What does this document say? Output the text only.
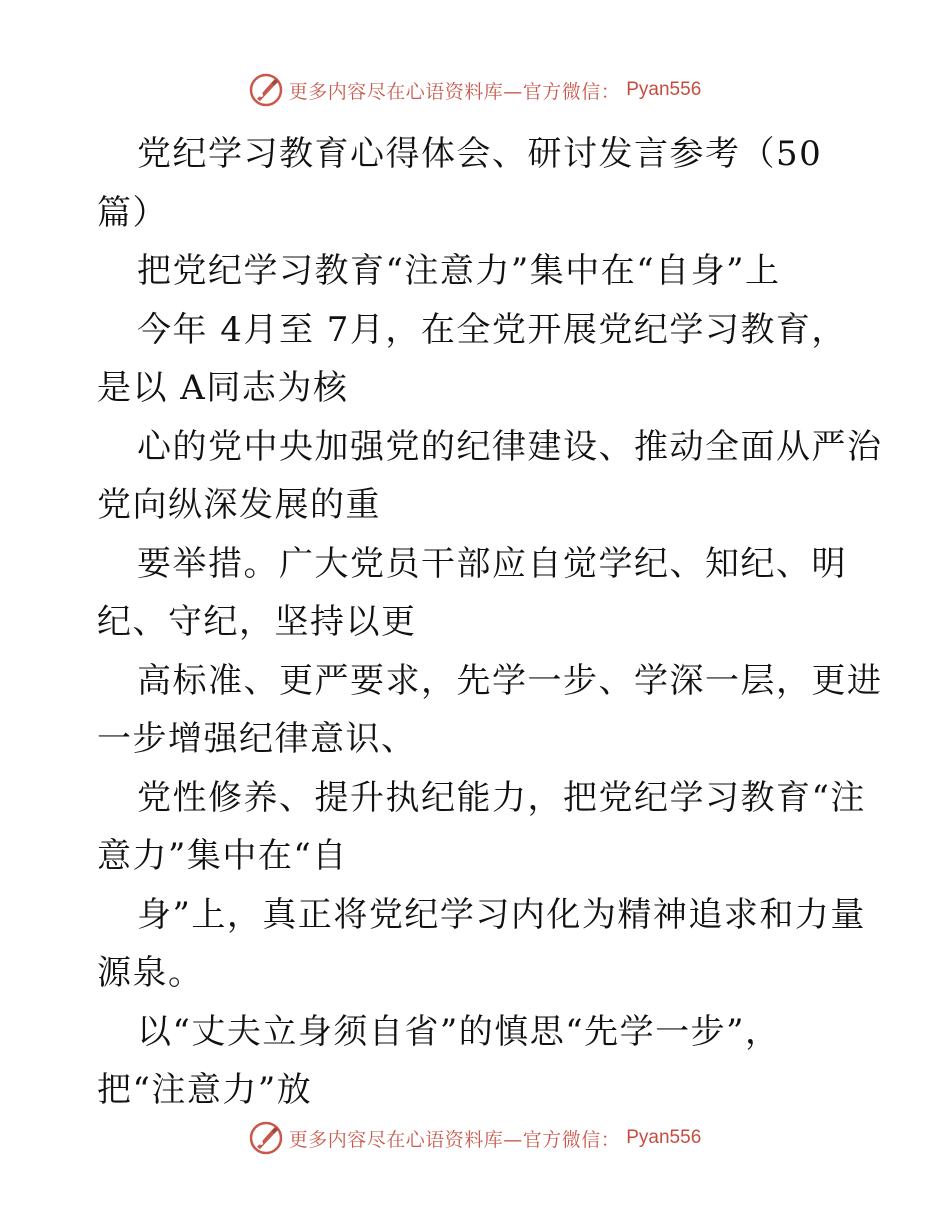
更多内容尽在心语资料库—官方微信： Pyan556
党纪学习教育心得体会、研讨发言参考（50
篇）
把党纪学习教育“注意力”集中在“自身”上
今年 4月至 7月，在全党开展党纪学习教育，
是以 A同志为核
心的党中央加强党的纪律建设、推动全面从严治
党向纵深发展的重
要举措。广大党员干部应自觉学纪、知纪、明
纪、守纪，坚持以更
高标准、更严要求，先学一步、学深一层，更进
一步增强纪律意识、
党性修养、提升执纪能力，把党纪学习教育“注
意力”集中在“自
身”上，真正将党纪学习内化为精神追求和力量
源泉。
以“丈夫立身须自省”的慎思“先学一步”，
把“注意力”放
更多内容尽在心语资料库—官方微信： Pyan556
